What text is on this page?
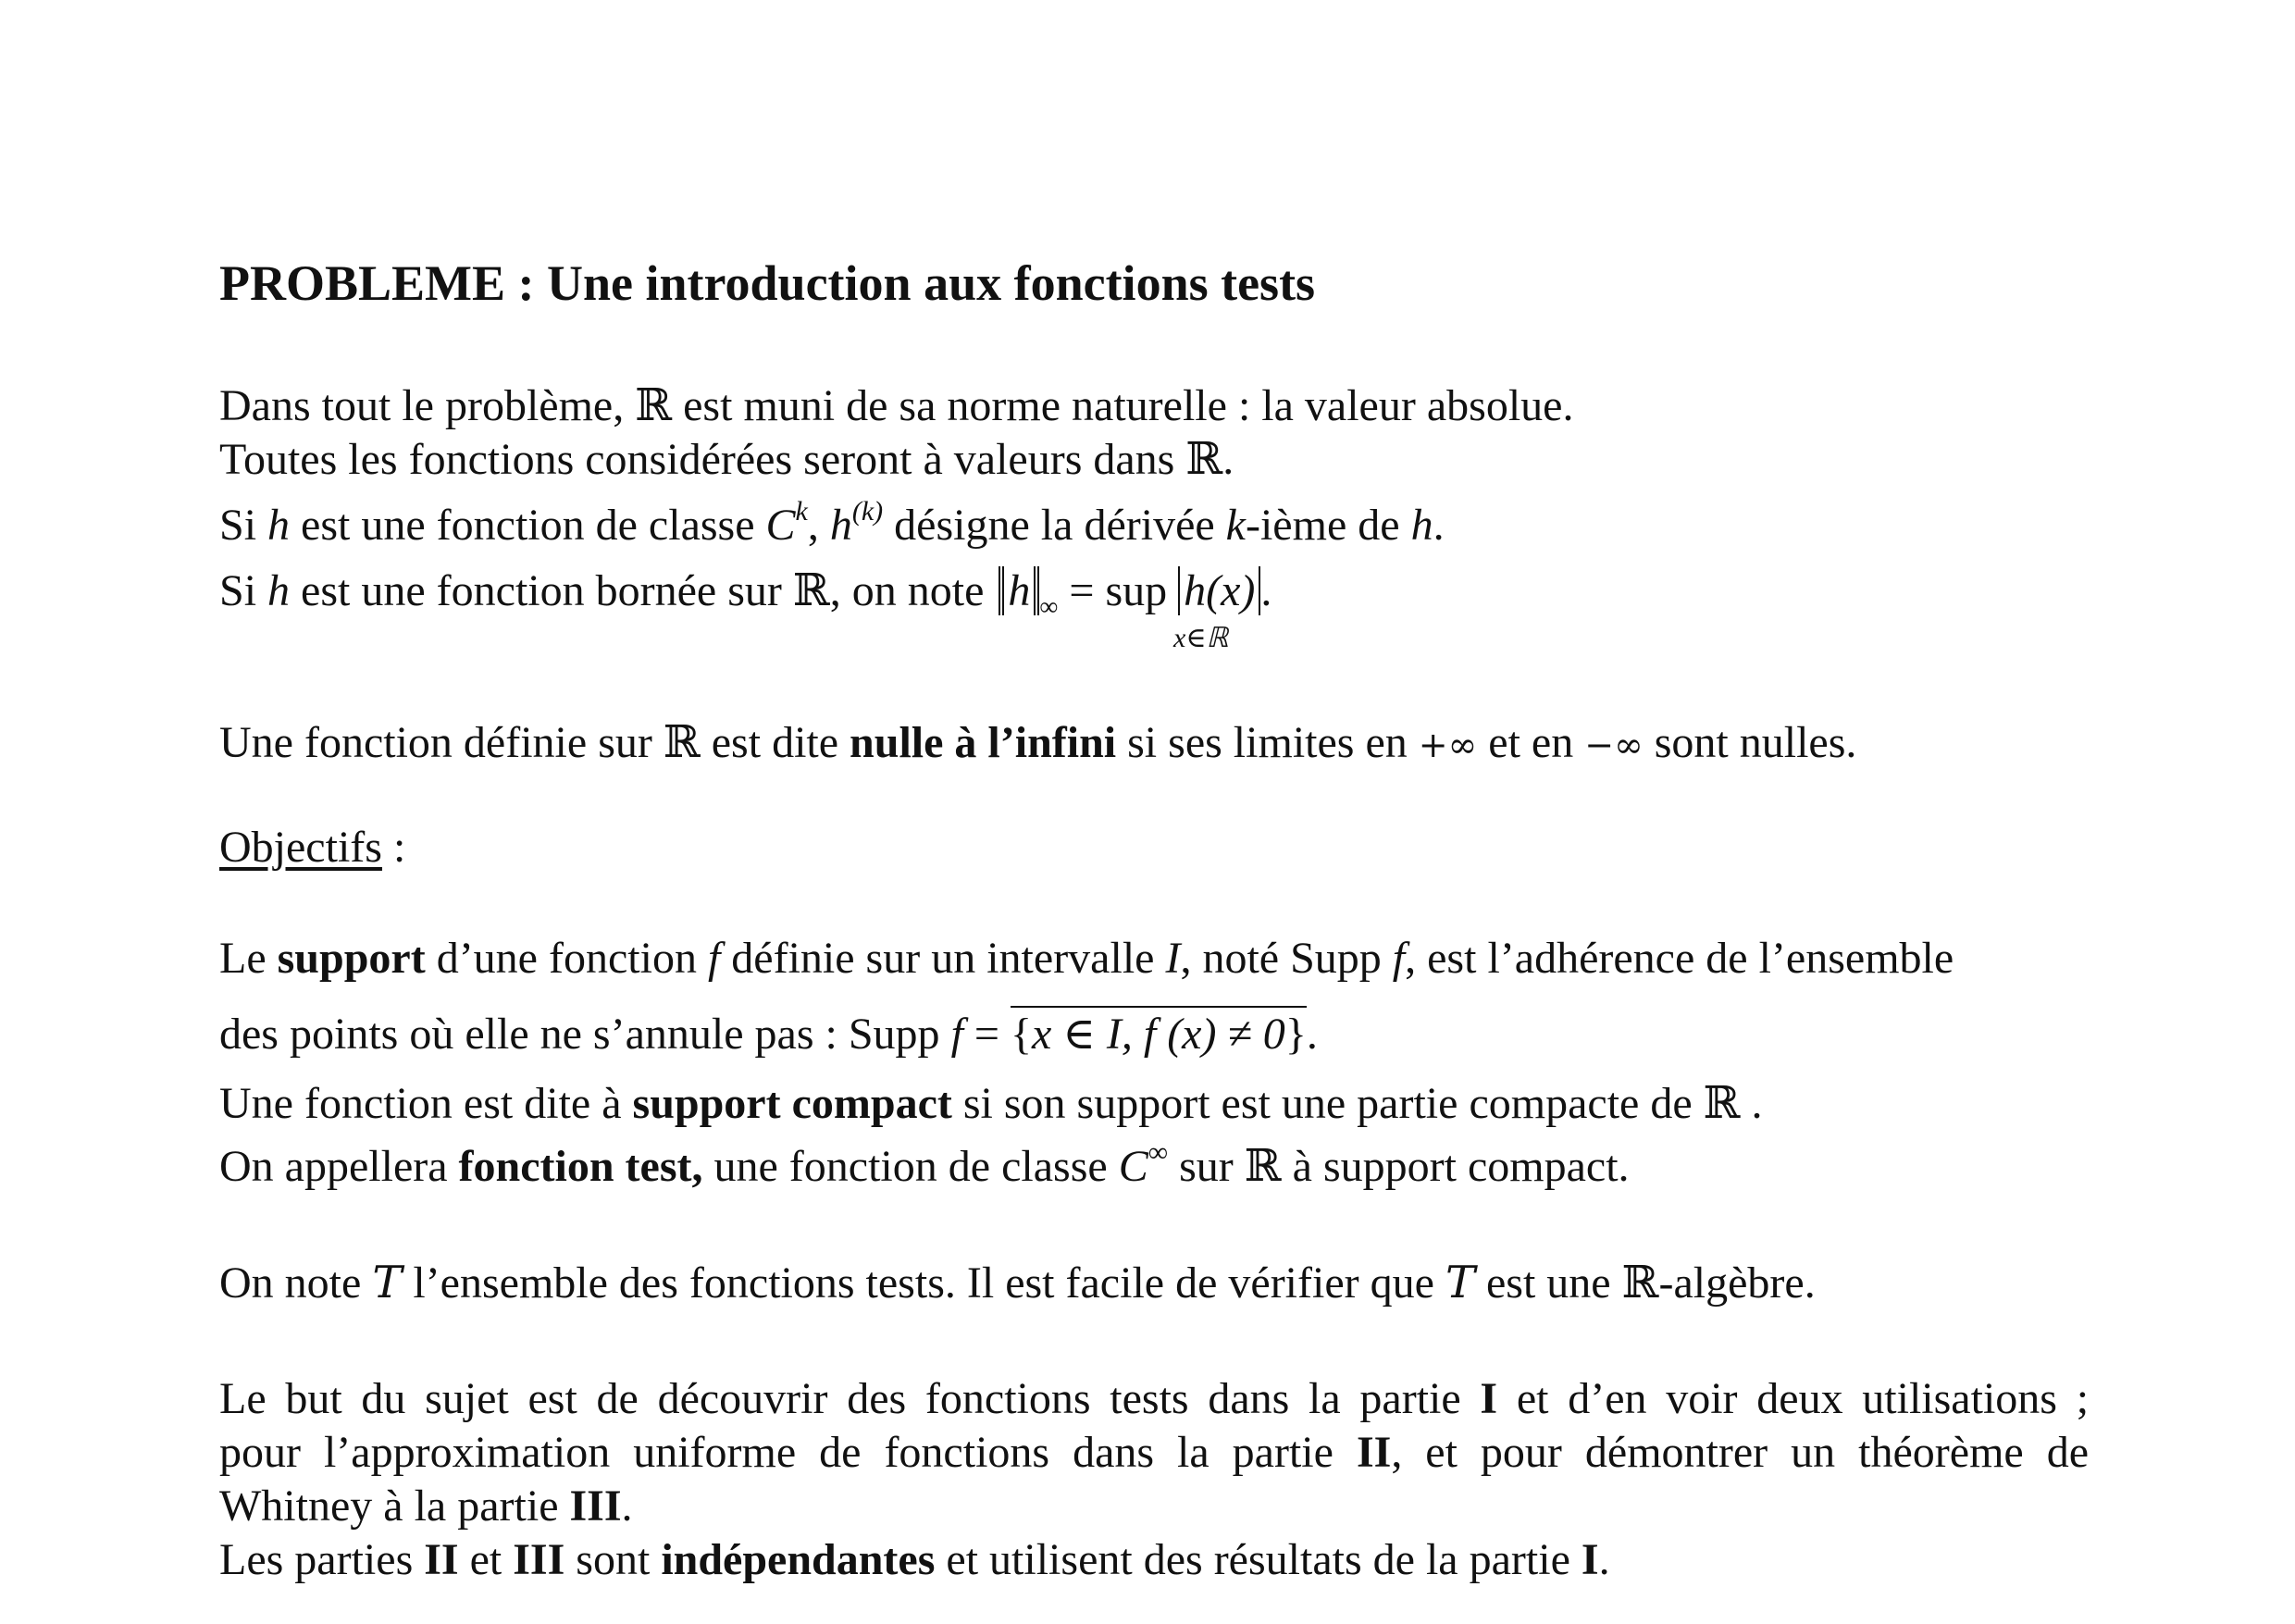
PROBLEME : Une introduction aux fonctions tests
Dans tout le problème, ℝ est muni de sa norme naturelle : la valeur absolue.
Toutes les fonctions considérées seront à valeurs dans ℝ.
Si h est une fonction de classe $C^k$, $h^{(k)}$ désigne la dérivée k-ième de h.
Si h est une fonction bornée sur ℝ, on note h $_\infty$ = sup h(x) .
x∈ℝ
Une fonction définie sur ℝ est dite nulle à l’infini si ses limites en +∞ et en −∞ sont nulles.
Objectifs :
Le support d’une fonction f définie sur un intervalle I, noté Supp f, est l’adhérence de l’ensemble
des points où elle ne s’annule pas : Supp f = {x ∈ I, f (x) ≠ 0}.
Une fonction est dite à support compact si son support est une partie compacte de ℝ .
On appellera fonction test, une fonction de classe C∞ sur ℝ à support compact.
On note T l’ensemble des fonctions tests. Il est facile de vérifier que T est une ℝ-algèbre.
Le but du sujet est de découvrir des fonctions tests dans la partie I et d’en voir deux utilisations ;
pour l’approximation uniforme de fonctions dans la partie II, et pour démontrer un théorème de
Whitney à la partie III.
Les parties II et III sont indépendantes et utilisent des résultats de la partie I.
